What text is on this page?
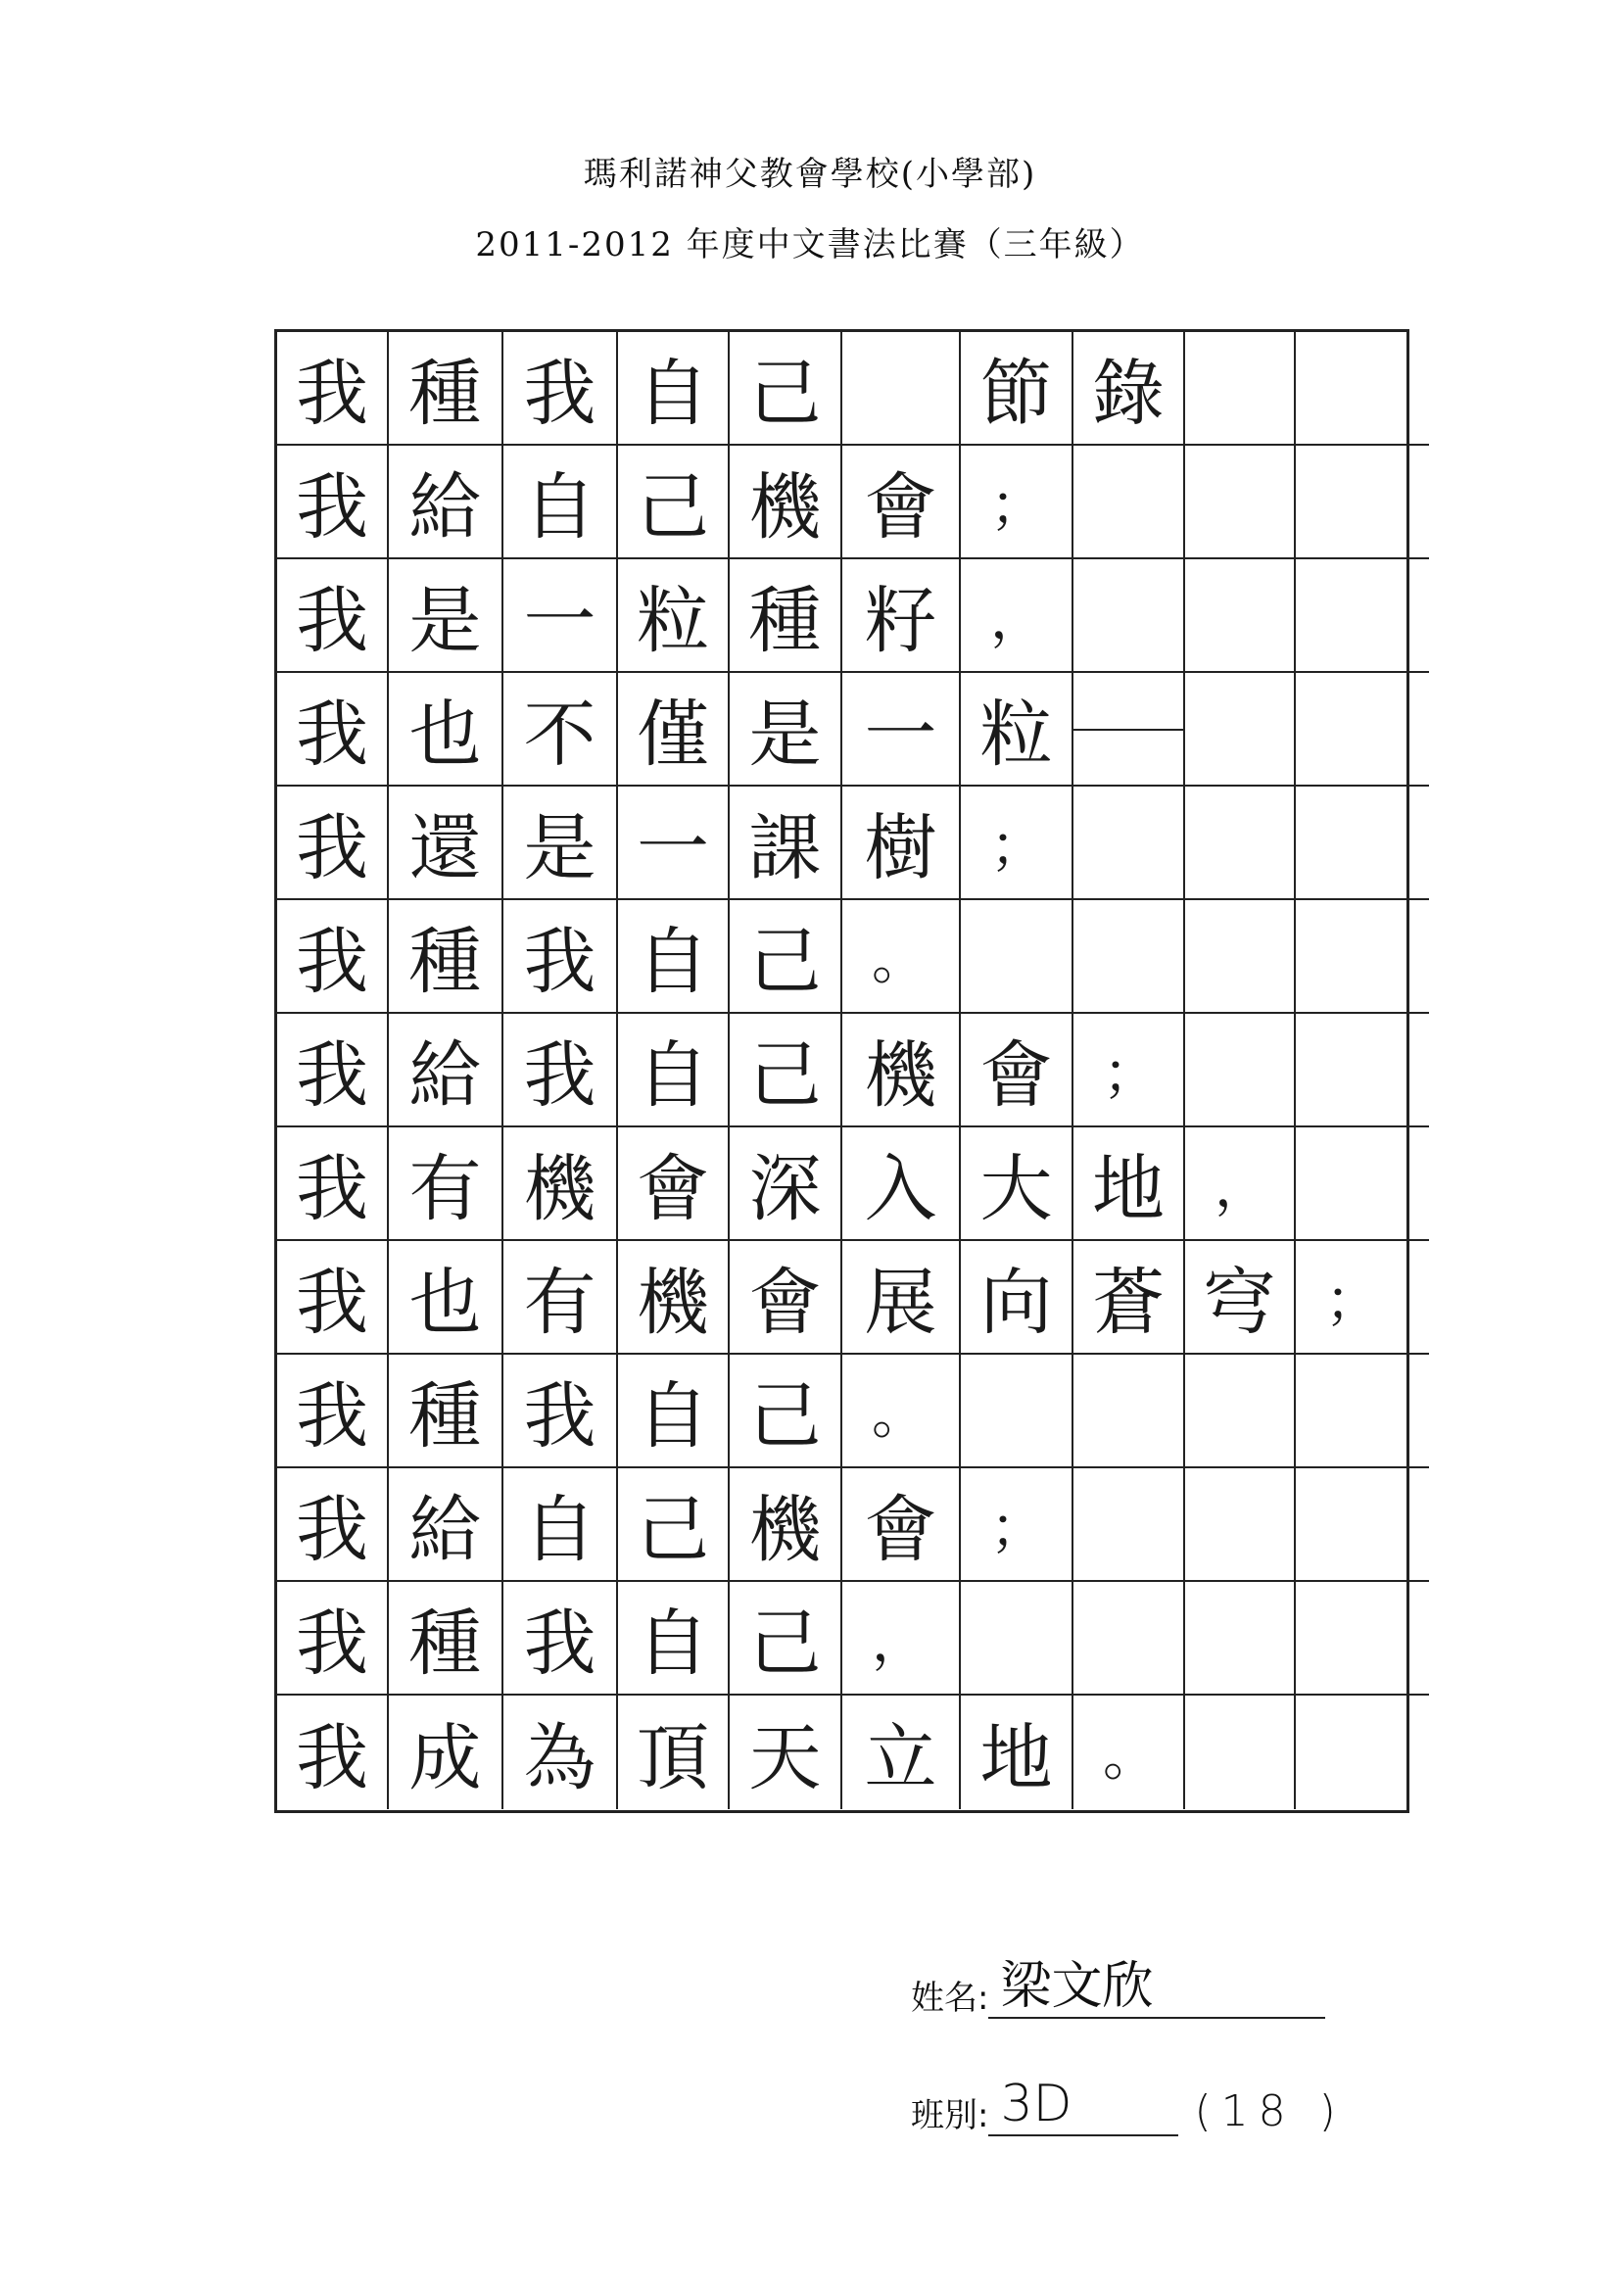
瑪利諾神父教會學校(小學部)
2011-2012 年度中文書法比賽（三年級）
我 種 我 自 己 節 錄
我 給 自 己 機 會 ；
我 是 一 粒 種 籽 ，
我 也 不 僅 是 一 粒
我 還 是 一 課 樹 ；
我 種 我 自 己 。
我 給 我 自 己 機 會 ；
我 有 機 會 深 入 大 地 ，
我 也 有 機 會 展 向 蒼 穹 ；
我 種 我 自 己 。
我 給 自 己 機 會 ；
我 種 我 自 己 ，
我 成 為 頂 天 立 地 。
姓名: 梁文欣
班別: 3D	(18 )
